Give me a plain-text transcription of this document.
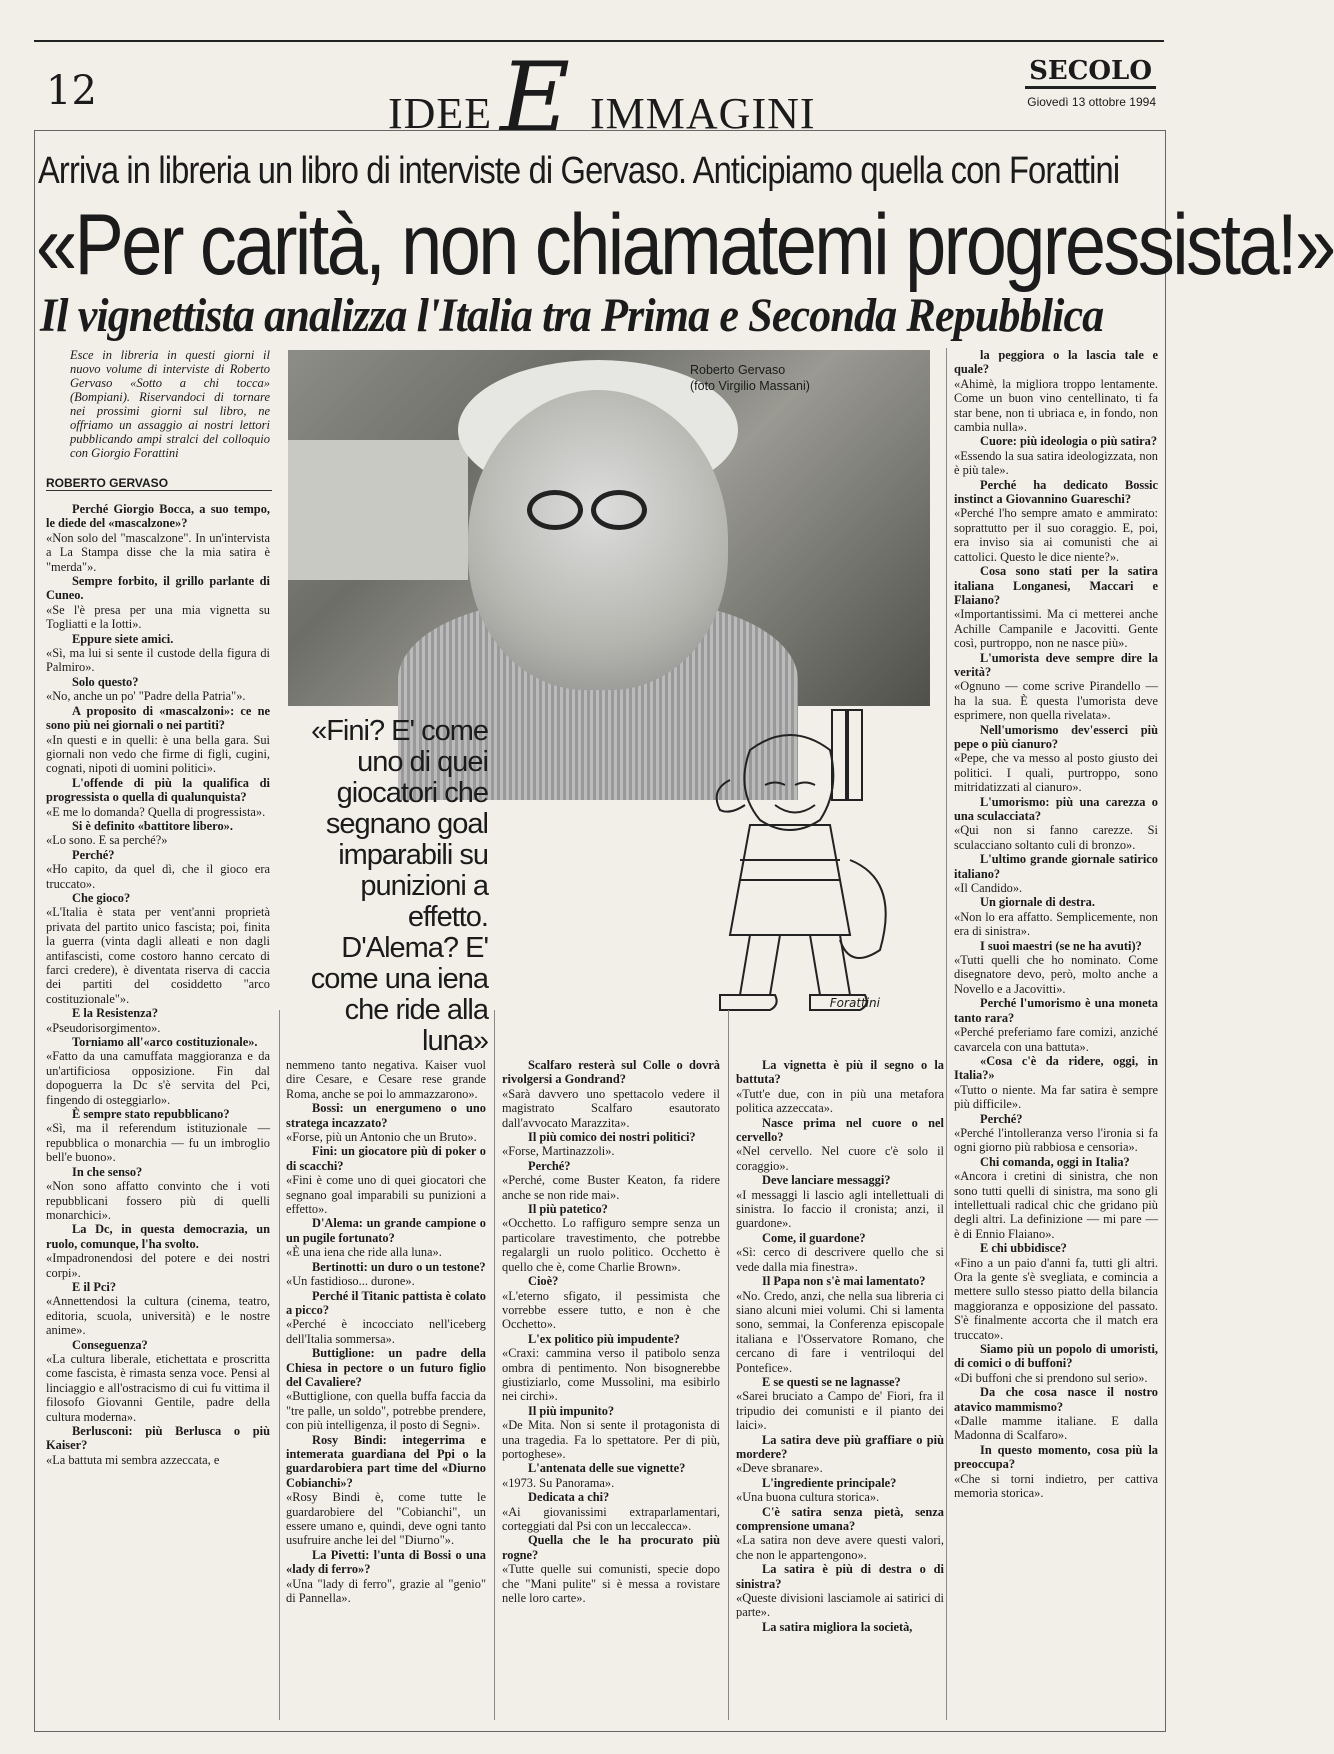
12	IDEE E IMMAGINI
SECOLO
Giovedì 13 ottobre 1994
Arriva in libreria un libro di interviste di Gervaso. Anticipiamo quella con Forattini
«Per carità, non chiamatemi progressista!»
Il vignettista analizza l'Italia tra Prima e Seconda Repubblica
Esce in libreria in questi giorni il nuovo volume di interviste di Roberto Gervaso «Sotto a chi tocca» (Bompiani). Riservandoci di tornare nei prossimi giorni sul libro, ne offriamo un assaggio ai nostri lettori pubblicando ampi stralci del colloquio con Giorgio Forattini
ROBERTO GERVASO
Roberto Gervaso
(foto Virgilio Massani)
«Fini? E' come uno di quei giocatori che segnano goal imparabili su punizioni a effetto. D'Alema? E' come una iena che ride alla luna»
Forattini

Perché Giorgio Bocca, a suo tempo, le diede del «mascalzone»?

«Non solo del "mascalzone". In un'intervista a La Stampa disse che la mia satira è "merda"».

Sempre forbito, il grillo parlante di Cuneo.

«Se l'è presa per una mia vignetta su Togliatti e la Iotti».

Eppure siete amici.

«Sì, ma lui si sente il custode della figura di Palmiro».

Solo questo?

«No, anche un po' "Padre della Patria"».

A proposito di «mascalzoni»: ce ne sono più nei giornali o nei partiti?

«In questi e in quelli: è una bella gara. Sui giornali non vedo che firme di figli, cugini, cognati, nipoti di uomini politici».

L'offende di più la qualifica di progressista o quella di qualunquista?

«E me lo domanda? Quella di progressista».

Si è definito «battitore libero».

«Lo sono. E sa perché?»

Perché?

«Ho capito, da quel dì, che il gioco era truccato».

Che gioco?

«L'Italia è stata per vent'anni proprietà privata del partito unico fascista; poi, finita la guerra (vinta dagli alleati e non dagli antifascisti, come costoro hanno cercato di farci credere), è diventata riserva di caccia dei partiti del cosiddetto "arco costituzionale"».

E la Resistenza?

«Pseudorisorgimento».

Torniamo all'«arco costituzionale».

«Fatto da una camuffata maggioranza e da un'artificiosa opposizione. Fin dal dopoguerra la Dc s'è servita del Pci, fingendo di osteggiarlo».

È sempre stato repubblicano?

«Sì, ma il referendum istituzionale — repubblica o monarchia — fu un imbroglio bell'e buono».

In che senso?

«Non sono affatto convinto che i voti repubblicani fossero più di quelli monarchici».

La Dc, in questa democrazia, un ruolo, comunque, l'ha svolto.

«Impadronendosi del potere e dei nostri corpi».

E il Pci?

«Annettendosi la cultura (cinema, teatro, editoria, scuola, università) e le nostre anime».

Conseguenza?

«La cultura liberale, etichettata e proscritta come fascista, è rimasta senza voce. Pensi al linciaggio e all'ostracismo di cui fu vittima il filosofo Giovanni Gentile, padre della cultura moderna».

Berlusconi: più Berlusca o più Kaiser?

«La battuta mi sembra azzeccata, e

nemmeno tanto negativa. Kaiser vuol dire Cesare, e Cesare rese grande Roma, anche se poi lo ammazzarono».

Bossi: un energumeno o uno stratega incazzato?

«Forse, più un Antonio che un Bruto».

Fini: un giocatore più di poker o di scacchi?

«Fini è come uno di quei giocatori che segnano goal imparabili su punizioni a effetto».

D'Alema: un grande campione o un pugile fortunato?

«È una iena che ride alla luna».

Bertinotti: un duro o un testone?

«Un fastidioso... durone».

Perché il Titanic pattista è colato a picco?

«Perché è incocciato nell'iceberg dell'Italia sommersa».

Buttiglione: un padre della Chiesa in pectore o un futuro figlio del Cavaliere?

«Buttiglione, con quella buffa faccia da "tre palle, un soldo", potrebbe prendere, con più intelligenza, il posto di Segni».

Rosy Bindi: integerrima e intemerata guardiana del Ppi o la guardarobiera part time del «Diurno Cobianchi»?

«Rosy Bindi è, come tutte le guardarobiere del "Cobianchi", un essere umano e, quindi, deve ogni tanto usufruire anche lei del "Diurno"».

La Pivetti: l'unta di Bossi o una «lady di ferro»?

«Una "lady di ferro", grazie al "genio" di Pannella».

Scalfaro resterà sul Colle o dovrà rivolgersi a Gondrand?

«Sarà davvero uno spettacolo vedere il magistrato Scalfaro esautorato dall'avvocato Marazzita».

Il più comico dei nostri politici?

«Forse, Martinazzoli».

Perché?

«Perché, come Buster Keaton, fa ridere anche se non ride mai».

Il più patetico?

«Occhetto. Lo raffiguro sempre senza un particolare travestimento, che potrebbe regalargli un ruolo politico. Occhetto è quello che è, come Charlie Brown».

Cioè?

«L'eterno sfigato, il pessimista che vorrebbe essere tutto, e non è che Occhetto».

L'ex politico più impudente?

«Craxi: cammina verso il patibolo senza ombra di pentimento. Non bisognerebbe giustiziarlo, come Mussolini, ma esibirlo nei circhi».

Il più impunito?

«De Mita. Non si sente il protagonista di una tragedia. Fa lo spettatore. Per di più, portoghese».

L'antenata delle sue vignette?

«1973. Su Panorama».

Dedicata a chi?

«Ai giovanissimi extraparlamentari, corteggiati dal Psi con un leccalecca».

Quella che le ha procurato più rogne?

«Tutte quelle sui comunisti, specie dopo che "Mani pulite" si è messa a rovistare nelle loro carte».

La vignetta è più il segno o la battuta?

«Tutt'e due, con in più una metafora politica azzeccata».

Nasce prima nel cuore o nel cervello?

«Nel cervello. Nel cuore c'è solo il coraggio».

Deve lanciare messaggi?

«I messaggi li lascio agli intellettuali di sinistra. Io faccio il cronista; anzi, il guardone».

Come, il guardone?

«Sì: cerco di descrivere quello che si vede dalla mia finestra».

Il Papa non s'è mai lamentato?

«No. Credo, anzi, che nella sua libreria ci siano alcuni miei volumi. Chi si lamenta sono, semmai, la Conferenza episcopale italiana e l'Osservatore Romano, che cercano di fare i ventriloqui del Pontefice».

E se questi se ne lagnasse?

«Sarei bruciato a Campo de' Fiori, fra il tripudio dei comunisti e il pianto dei laici».

La satira deve più graffiare o più mordere?

«Deve sbranare».

L'ingrediente principale?

«Una buona cultura storica».

C'è satira senza pietà, senza comprensione umana?

«La satira non deve avere questi valori, che non le appartengono».

La satira è più di destra o di sinistra?

«Queste divisioni lasciamole ai satirici di parte».

La satira migliora la società,

la peggiora o la lascia tale e quale?

«Ahimè, la migliora troppo lentamente. Come un buon vino centellinato, ti fa star bene, non ti ubriaca e, in fondo, non cambia nulla».

Cuore: più ideologia o più satira?

«Essendo la sua satira ideologizzata, non è più tale».

Perché ha dedicato Bossic instinct a Giovannino Guareschi?

«Perché l'ho sempre amato e ammirato: soprattutto per il suo coraggio. E, poi, era inviso sia ai comunisti che ai cattolici. Questo le dice niente?».

Cosa sono stati per la satira italiana Longanesi, Maccari e Flaiano?

«Importantissimi. Ma ci metterei anche Achille Campanile e Jacovitti. Gente così, purtroppo, non ne nasce più».

L'umorista deve sempre dire la verità?

«Ognuno — come scrive Pirandello — ha la sua. È questa l'umorista deve esprimere, non quella rivelata».

Nell'umorismo dev'esserci più pepe o più cianuro?

«Pepe, che va messo al posto giusto dei politici. I quali, purtroppo, sono mitridatizzati al cianuro».

L'umorismo: più una carezza o una sculacciata?

«Qui non si fanno carezze. Si sculacciano soltanto culi di bronzo».

L'ultimo grande giornale satirico italiano?

«Il Candido».

Un giornale di destra.

«Non lo era affatto. Semplicemente, non era di sinistra».

I suoi maestri (se ne ha avuti)?

«Tutti quelli che ho nominato. Come disegnatore devo, però, molto anche a Novello e a Jacovitti».

Perché l'umorismo è una moneta tanto rara?

«Perché preferiamo fare comizi, anziché cavarcela con una battuta».

«Cosa c'è da ridere, oggi, in Italia?»

«Tutto o niente. Ma far satira è sempre più difficile».

Perché?

«Perché l'intolleranza verso l'ironia si fa ogni giorno più rabbiosa e censoria».

Chi comanda, oggi in Italia?

«Ancora i cretini di sinistra, che non sono tutti quelli di sinistra, ma sono gli intellettuali radical chic che gridano più degli altri. La definizione — mi pare — è di Ennio Flaiano».

E chi ubbidisce?

«Fino a un paio d'anni fa, tutti gli altri. Ora la gente s'è svegliata, e comincia a mettere sullo stesso piatto della bilancia maggioranza e opposizione del passato. S'è finalmente accorta che il match era truccato».

Siamo più un popolo di umoristi, di comici o di buffoni?

«Di buffoni che si prendono sul serio».

Da che cosa nasce il nostro atavico mammismo?

«Dalle mamme italiane. E dalla Madonna di Scalfaro».

In questo momento, cosa più la preoccupa?

«Che si torni indietro, per cattiva memoria storica».
